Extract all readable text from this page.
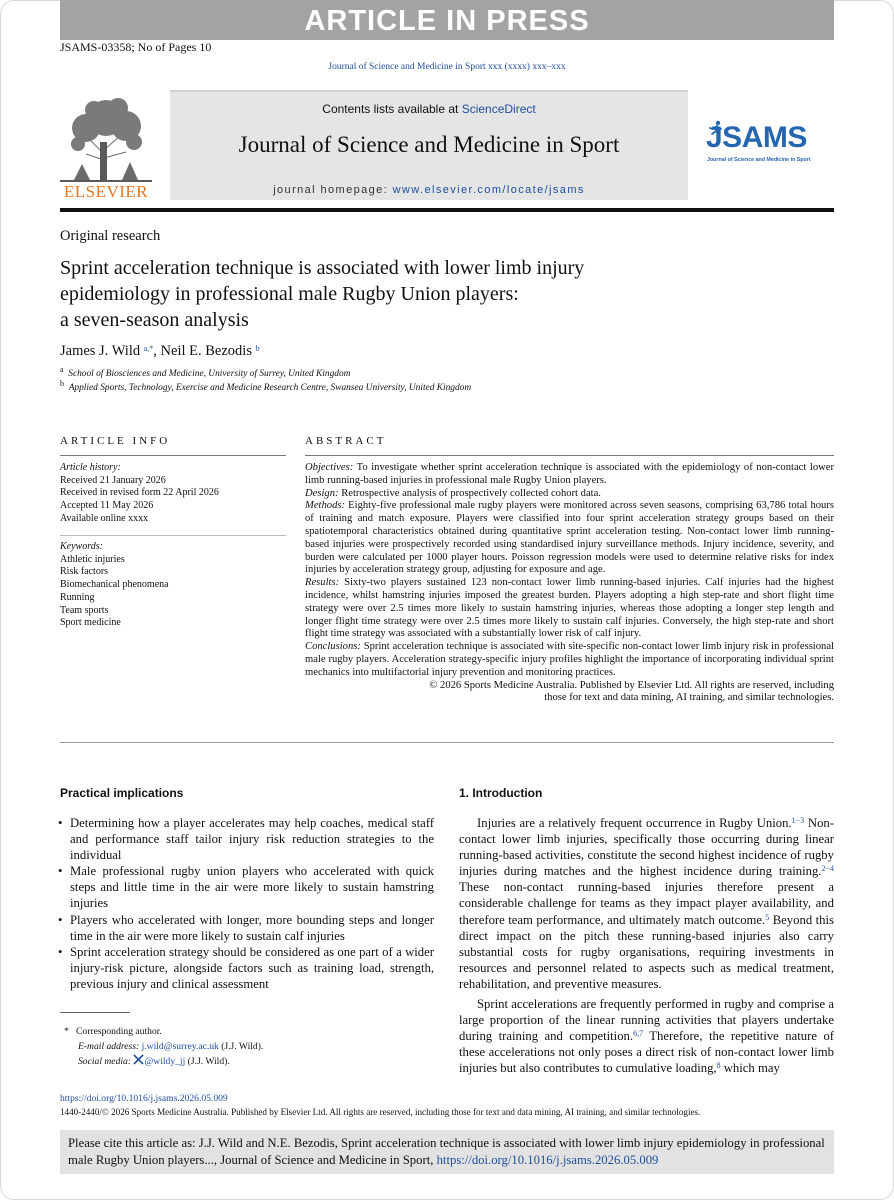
ARTICLE IN PRESS
JSAMS-03358; No of Pages 10
Journal of Science and Medicine in Sport xxx (xxxx) xxx–xxx
ELSEVIER
Contents lists available at ScienceDirect
Journal of Science and Medicine in Sport
journal homepage: www.elsevier.com/locate/jsams
JSAMS
Journal of Science and Medicine in Sport
Original research
Sprint acceleration technique is associated with lower limb injury
epidemiology in professional male Rugby Union players:
a seven-season analysis
James J. Wild $^{a,*}$, Neil E. Bezodis $^b$
$^a$ School of Biosciences and Medicine, University of Surrey, United Kingdom
$^b$ Applied Sports, Technology, Exercise and Medicine Research Centre, Swansea University, United Kingdom
ARTICLE INFO
Article history:
Received 21 January 2026
Received in revised form 22 April 2026
Accepted 11 May 2026
Available online xxxx
Keywords:
Athletic injuries
Risk factors
Biomechanical phenomena
Running
Team sports
Sport medicine
ABSTRACT

Objectives: To investigate whether sprint acceleration technique is associated with the epidemiology of non-contact lower limb running-based injuries in professional male Rugby Union players.

Design: Retrospective analysis of prospectively collected cohort data.

Methods: Eighty-five professional male rugby players were monitored across seven seasons, comprising 63,786 total hours of training and match exposure. Players were classified into four sprint acceleration strategy groups based on their spatiotemporal characteristics obtained during quantitative sprint acceleration testing. Non-contact lower limb running-based injuries were prospectively recorded using standardised injury surveillance methods. Injury incidence, severity, and burden were calculated per 1000 player hours. Poisson regression models were used to determine relative risks for index injuries by acceleration strategy group, adjusting for exposure and age.

Results: Sixty-two players sustained 123 non-contact lower limb running-based injuries. Calf injuries had the highest incidence, whilst hamstring injuries imposed the greatest burden. Players adopting a high step-rate and short flight time strategy were over 2.5 times more likely to sustain hamstring injuries, whereas those adopting a longer step length and longer flight time strategy were over 2.5 times more likely to sustain calf injuries. Conversely, the high step-rate and short flight time strategy was associated with a substantially lower risk of calf injury.

Conclusions: Sprint acceleration technique is associated with site-specific non-contact lower limb injury risk in professional male rugby players. Acceleration strategy-specific injury profiles highlight the importance of incorporating individual sprint mechanics into multifactorial injury prevention and monitoring practices.

© 2026 Sports Medicine Australia. Published by Elsevier Ltd. All rights are reserved, including those for text and data mining, AI training, and similar technologies.

Practical implications
• Determining how a player accelerates may help coaches, medical staff and performance staff tailor injury risk reduction strategies to the individual
• Male professional rugby union players who accelerated with quick steps and little time in the air were more likely to sustain hamstring injuries
• Players who accelerated with longer, more bounding steps and longer time in the air were more likely to sustain calf injuries
• Sprint acceleration strategy should be considered as one part of a wider injury-risk picture, alongside factors such as training load, strength, previous injury and clinical assessment
* Corresponding author.
E-mail address: j.wild@surrey.ac.uk (J.J. Wild).
Social media: @wildy_jj (J.J. Wild).
1. Introduction

Injuries are a relatively frequent occurrence in Rugby Union.$^{1-3}$ Non-contact lower limb injuries, specifically those occurring during linear running-based activities, constitute the second highest incidence of rugby injuries during matches and the highest incidence during training.$^{2-4}$ These non-contact running-based injuries therefore present a considerable challenge for teams as they impact player availability, and therefore team performance, and ultimately match outcome.$^5$ Beyond this direct impact on the pitch these running-based injuries also carry substantial costs for rugby organisations, requiring investments in resources and personnel related to aspects such as medical treatment, rehabilitation, and preventive measures.

Sprint accelerations are frequently performed in rugby and comprise a large proportion of the linear running activities that players undertake during training and competition.$^{6,7}$ Therefore, the repetitive nature of these accelerations not only poses a direct risk of non-contact lower limb injuries but also contributes to cumulative loading,$^8$ which may

https://doi.org/10.1016/j.jsams.2026.05.009
1440-2440/© 2026 Sports Medicine Australia. Published by Elsevier Ltd. All rights are reserved, including those for text and data mining, AI training, and similar technologies.
Please cite this article as: J.J. Wild and N.E. Bezodis, Sprint acceleration technique is associated with lower limb injury epidemiology in professional male Rugby Union players..., Journal of Science and Medicine in Sport, https://doi.org/10.1016/j.jsams.2026.05.009
